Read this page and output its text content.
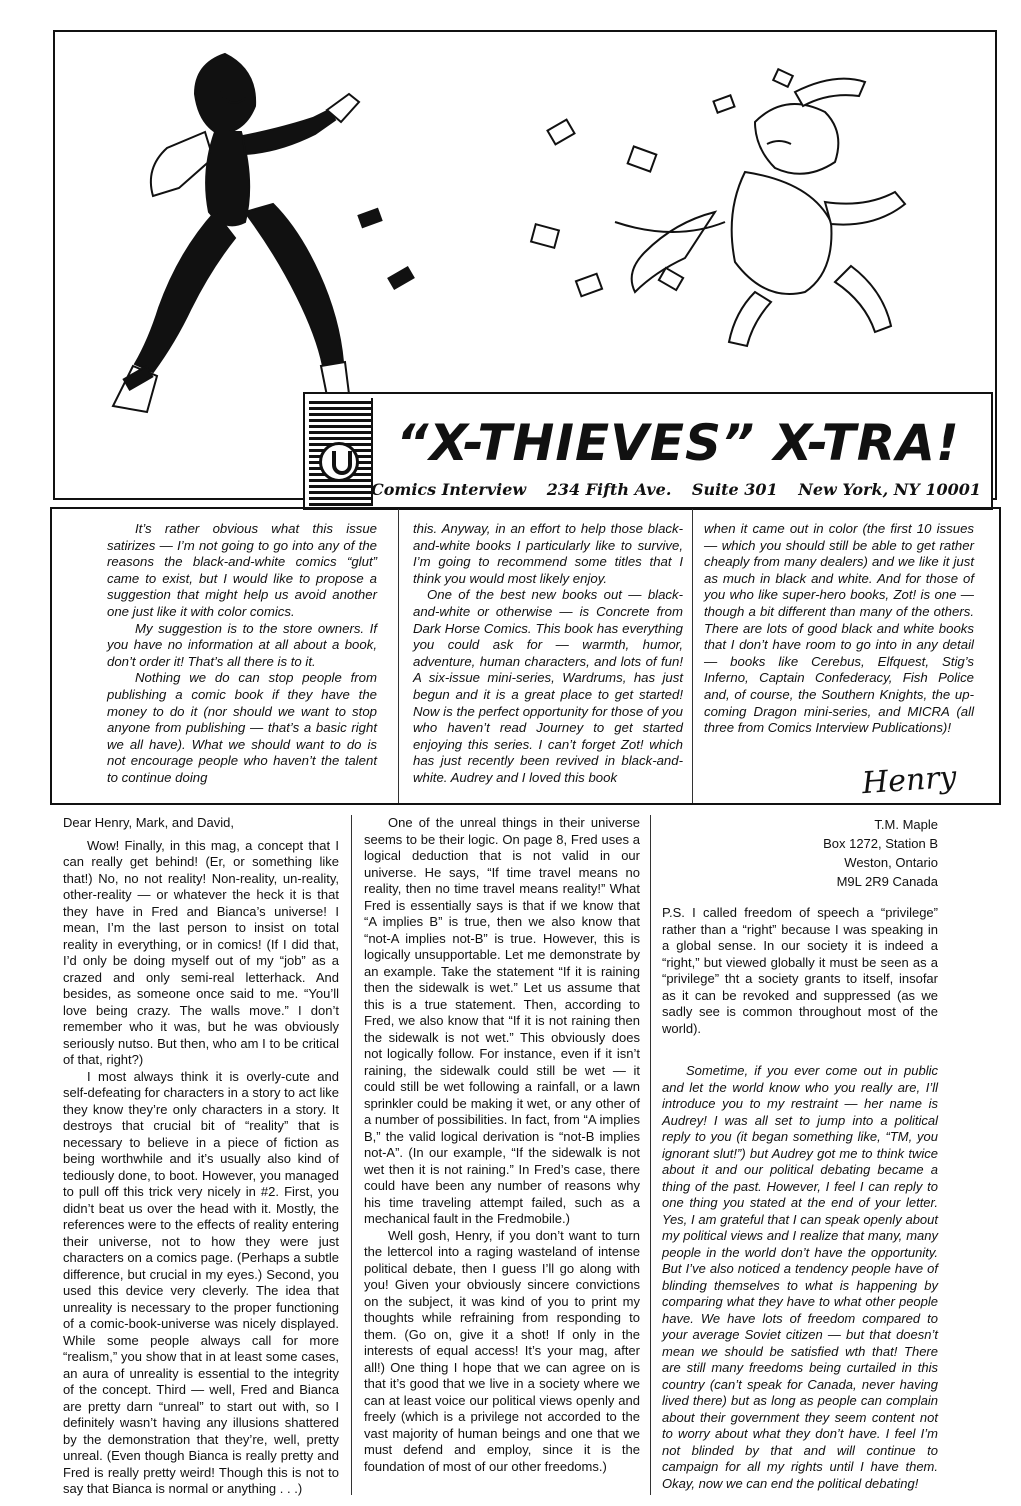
“X-THIEVES” X-TRA!
Comics Interview 234 Fifth Ave. Suite 301 New York, NY 10001

It’s rather obvious what this issue satirizes — I’m not going to go into any of the reasons the black-and-white comics “glut” came to exist, but I would like to propose a suggestion that might help us avoid another one just like it with color comics.

My suggestion is to the store owners. If you have no information at all about a book, don’t order it! That’s all there is to it.

Nothing we do can stop people from publishing a comic book if they have the money to do it (nor should we want to stop anyone from publishing — that’s a basic right we all have). What we should want to do is not encourage people who haven’t the talent to continue doing

this. Anyway, in an effort to help those black-and-white books I particularly like to survive, I’m going to recommend some titles that I think you would most likely enjoy.

One of the best new books out — black-and-white or otherwise — is Concrete from Dark Horse Comics. This book has everything you could ask for — warmth, humor, adventure, human characters, and lots of fun! A six-issue mini-series, Wardrums, has just begun and it is a great place to get started! Now is the perfect opportunity for those of you who haven’t read Journey to get started enjoying this series. I can’t forget Zot! which has just recently been revived in black-and-white. Audrey and I loved this book

when it came out in color (the first 10 issues — which you should still be able to get rather cheaply from many dealers) and we like it just as much in black and white. And for those of you who like super-hero books, Zot! is one — though a bit different than many of the others. There are lots of good black and white books that I don’t have room to go into in any detail — books like Cerebus, Elfquest, Stig’s Inferno, Captain Confederacy, Fish Police and, of course, the Southern Knights, the up-coming Dragon mini-series, and MICRA (all three from Comics Interview Publications)!

Henry

Dear Henry, Mark, and David,

Wow! Finally, in this mag, a concept that I can really get behind! (Er, or something like that!) No, no not reality! Non-reality, un-reality, other-reality — or whatever the heck it is that they have in Fred and Bianca’s universe! I mean, I’m the last person to insist on total reality in everything, or in comics! (If I did that, I’d only be doing myself out of my “job” as a crazed and only semi-real letterhack. And besides, as someone once said to me. “You’ll love being crazy. The walls move.” I don’t remember who it was, but he was obviously seriously nutso. But then, who am I to be critical of that, right?)

I most always think it is overly-cute and self-defeating for characters in a story to act like they know they’re only characters in a story. It destroys that crucial bit of “reality” that is necessary to believe in a piece of fiction as being worthwhile and it’s usually also kind of tediously done, to boot. However, you managed to pull off this trick very nicely in #2. First, you didn’t beat us over the head with it. Mostly, the references were to the effects of reality entering their universe, not to how they were just characters on a comics page. (Perhaps a subtle difference, but crucial in my eyes.) Second, you used this device very cleverly. The idea that unreality is necessary to the proper functioning of a comic-book-universe was nicely displayed. While some people always call for more “realism,” you show that in at least some cases, an aura of unreality is essential to the integrity of the concept. Third — well, Fred and Bianca are pretty darn “unreal” to start out with, so I definitely wasn’t having any illusions shattered by the demonstration that they’re, well, pretty unreal. (Even though Bianca is really pretty and Fred is really pretty weird! Though this is not to say that Bianca is normal or anything . . .)

One of the unreal things in their universe seems to be their logic. On page 8, Fred uses a logical deduction that is not valid in our universe. He says, “If time travel means no reality, then no time travel means reality!” What Fred is essentially says is that if we know that “A implies B” is true, then we also know that “not-A implies not-B” is true. However, this is logically unsupportable. Let me demonstrate by an example. Take the statement “If it is raining then the sidewalk is wet.” Let us assume that this is a true statement. Then, according to Fred, we also know that “If it is not raining then the sidewalk is not wet.” This obviously does not logically follow. For instance, even if it isn’t raining, the sidewalk could still be wet — it could still be wet following a rainfall, or a lawn sprinkler could be making it wet, or any other of a number of possibilities. In fact, from “A implies B,” the valid logical derivation is “not-B implies not-A”. (In our example, “If the sidewalk is not wet then it is not raining.” In Fred’s case, there could have been any number of reasons why his time traveling attempt failed, such as a mechanical fault in the Fredmobile.)

Well gosh, Henry, if you don’t want to turn the lettercol into a raging wasteland of intense political debate, then I guess I’ll go along with you! Given your obviously sincere convictions on the subject, it was kind of you to print my thoughts while refraining from responding to them. (Go on, give it a shot! If only in the interests of equal access! It’s your mag, after all!) One thing I hope that we can agree on is that it’s good that we live in a society where we can at least voice our political views openly and freely (which is a privilege not accorded to the vast majority of human beings and one that we must defend and employ, since it is the foundation of most of our other freedoms.)

T.M. Maple
Box 1272, Station B
Weston, Ontario
M9L 2R9 Canada

P.S. I called freedom of speech a “privilege” rather than a “right” because I was speaking in a global sense. In our society it is indeed a “right,” but viewed globally it must be seen as a “privilege” tht a society grants to itself, insofar as it can be revoked and suppressed (as we sadly see is common throughout most of the world).

Sometime, if you ever come out in public and let the world know who you really are, I’ll introduce you to my restraint — her name is Audrey! I was all set to jump into a political reply to you (it began something like, “TM, you ignorant slut!”) but Audrey got me to think twice about it and our political debating became a thing of the past. However, I feel I can reply to one thing you stated at the end of your letter. Yes, I am grateful that I can speak openly about my political views and I realize that many, many people in the world don’t have the opportunity. But I’ve also noticed a tendency people have of blinding themselves to what is happening by comparing what they have to what other people have. We have lots of freedom compared to your average Soviet citizen — but that doesn’t mean we should be satisfied wth that! There are still many freedoms being curtailed in this country (can’t speak for Canada, never having lived there) but as long as people can complain about their government they seem content not to worry about what they don’t have. I feel I’m not blinded by that and will continue to campaign for all my rights until I have them. Okay, now we can end the political debating!
